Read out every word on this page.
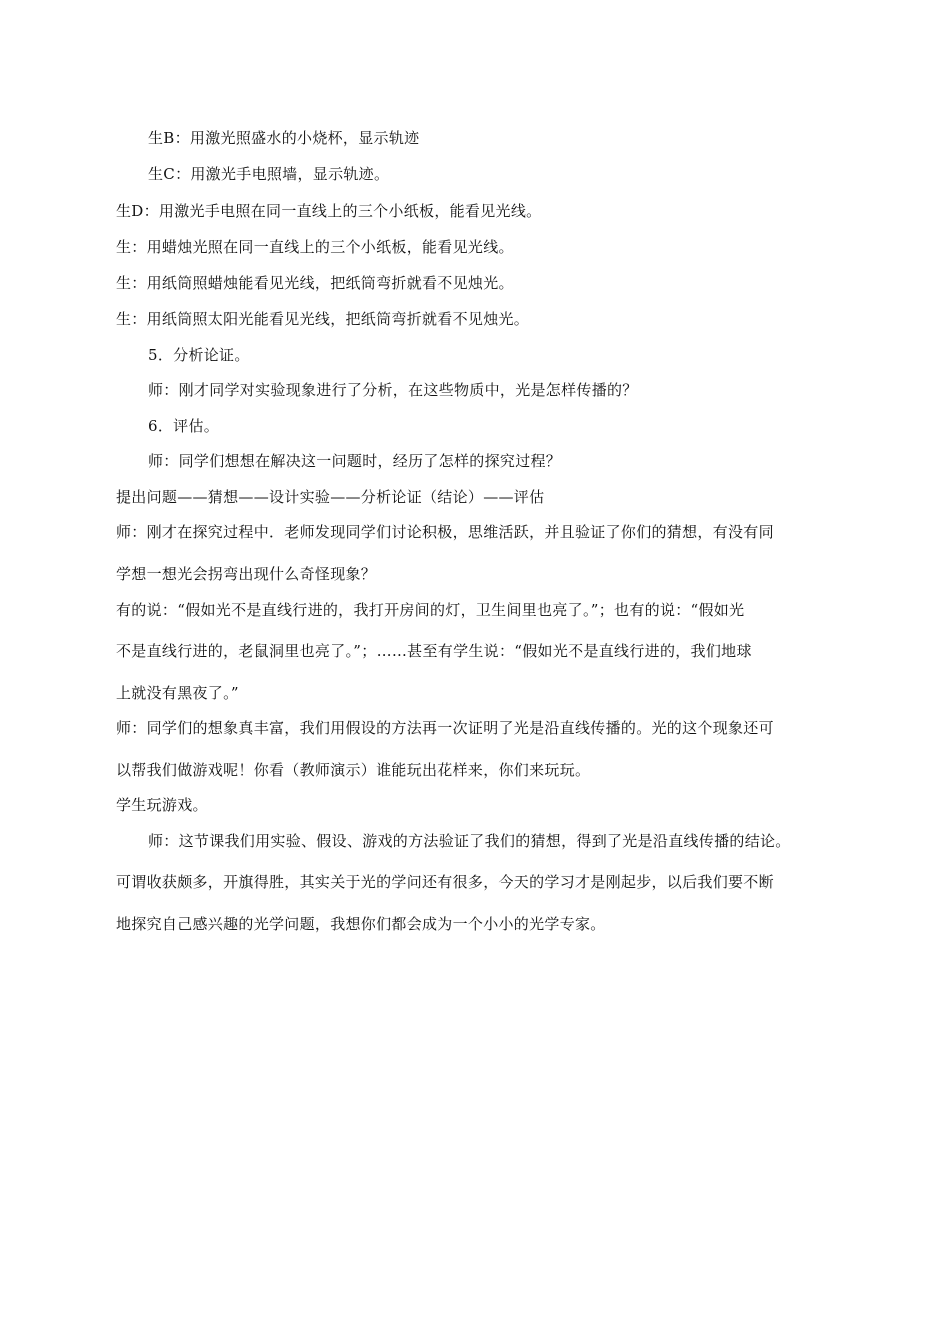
生B：用激光照盛水的小烧杯，显示轨迹
生C：用激光手电照墙，显示轨迹。
生D：用激光手电照在同一直线上的三个小纸板，能看见光线。
生：用蜡烛光照在同一直线上的三个小纸板，能看见光线。
生：用纸筒照蜡烛能看见光线，把纸筒弯折就看不见烛光。
生：用纸筒照太阳光能看见光线，把纸筒弯折就看不见烛光。
5．分析论证。
师：刚才同学对实验现象进行了分析，在这些物质中，光是怎样传播的？
6．评估。
师：同学们想想在解决这一问题时，经历了怎样的探究过程？
提出问题——猜想——设计实验——分析论证（结论）——评估
师：刚才在探究过程中．老师发现同学们讨论积极，思维活跃，并且验证了你们的猜想，有没有同
学想一想光会拐弯出现什么奇怪现象？
有的说：“假如光不是直线行进的，我打开房间的灯，卫生间里也亮了。”；也有的说：“假如光
不是直线行进的，老鼠洞里也亮了。”；……甚至有学生说：“假如光不是直线行进的，我们地球
上就没有黑夜了。”
师：同学们的想象真丰富，我们用假设的方法再一次证明了光是沿直线传播的。光的这个现象还可
以帮我们做游戏呢！你看（教师演示）谁能玩出花样来，你们来玩玩。
学生玩游戏。
师：这节课我们用实验、假设、游戏的方法验证了我们的猜想，得到了光是沿直线传播的结论。
可谓收获颇多，开旗得胜，其实关于光的学问还有很多，今天的学习才是刚起步，以后我们要不断
地探究自己感兴趣的光学问题，我想你们都会成为一个小小的光学专家。
